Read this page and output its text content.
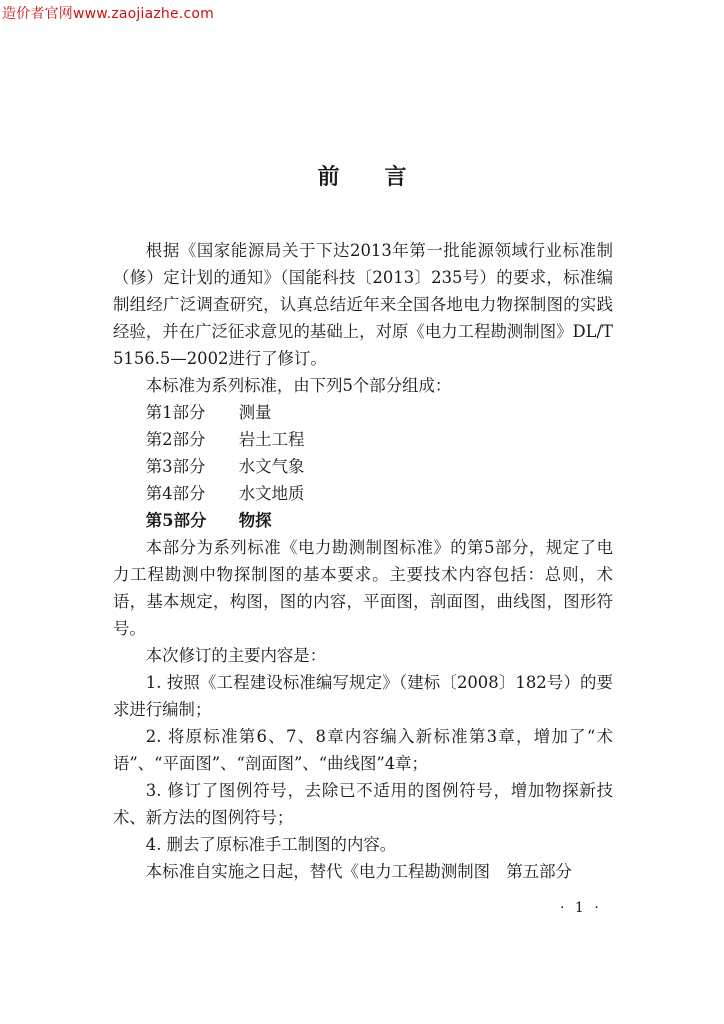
造价者官网www.zaojiazhe.com
前言

根据《国家能源局关于下达2013年第一批能源领域行业标准制（修）定计划的通知》（国能科技〔2013〕235号）的要求，标准编制组经广泛调查研究，认真总结近年来全国各地电力物探制图的实践经验，并在广泛征求意见的基础上，对原《电力工程勘测制图》DL/T 5156.5—2002进行了修订。

本标准为系列标准，由下列5个部分组成：

第1部分 测量

第2部分 岩土工程

第3部分 水文气象

第4部分 水文地质

第5部分 物探

本部分为系列标准《电力勘测制图标准》的第5部分，规定了电力工程勘测中物探制图的基本要求。主要技术内容包括：总则，术语，基本规定，构图，图的内容，平面图，剖面图，曲线图，图形符号。

本次修订的主要内容是：

1. 按照《工程建设标准编写规定》（建标〔2008〕182号）的要求进行编制；

2. 将原标准第6、7、8章内容编入新标准第3章，增加了“术语”、“平面图”、“剖面图”、“曲线图”4章；

3. 修订了图例符号，去除已不适用的图例符号，增加物探新技术、新方法的图例符号；

4. 删去了原标准手工制图的内容。

本标准自实施之日起，替代《电力工程勘测制图　第五部分

· 1 ·
